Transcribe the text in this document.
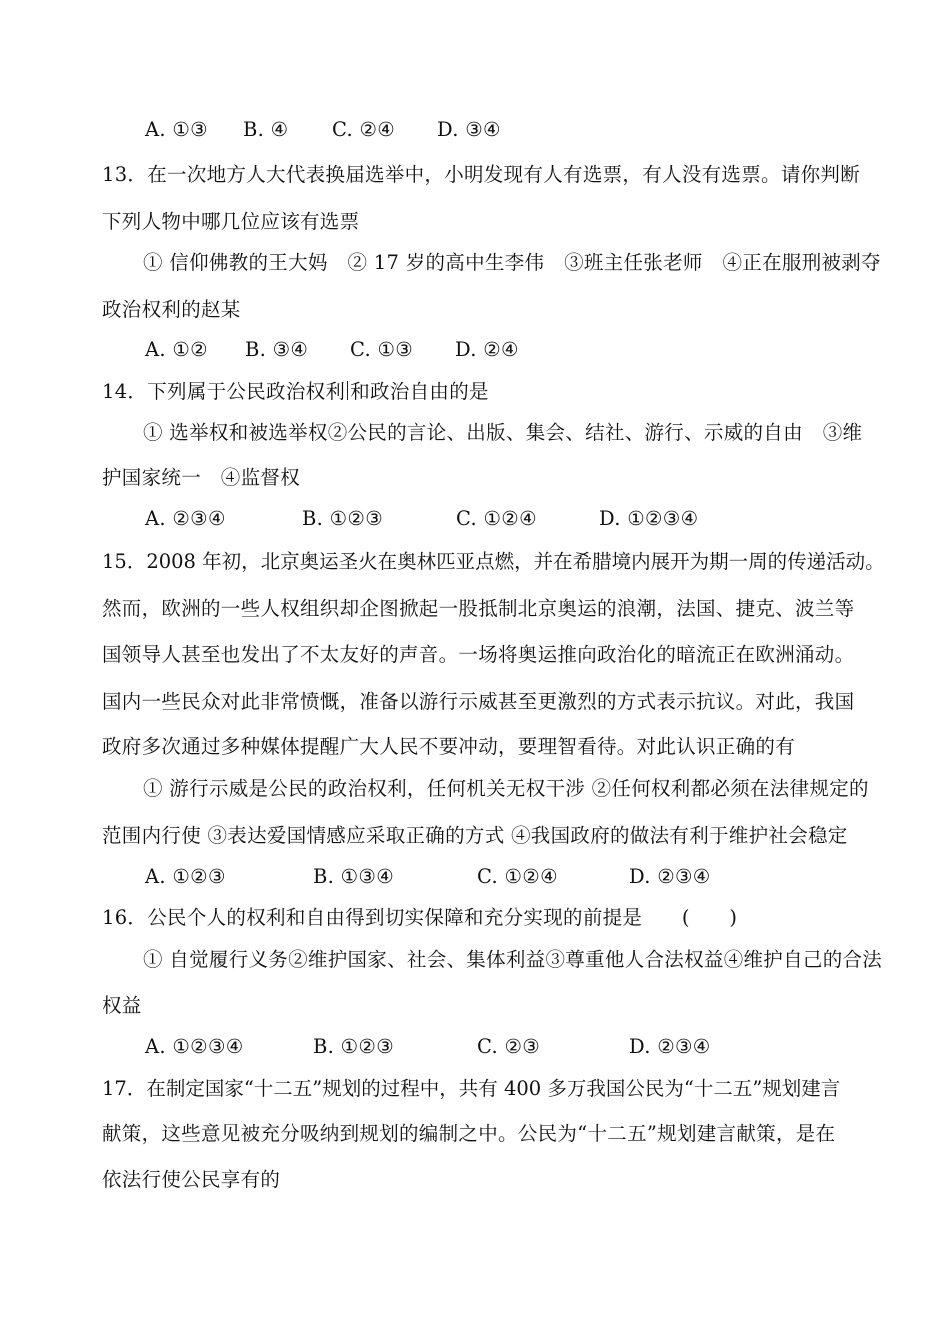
A. ①③ B. ④ C. ②④ D. ③④
13．在一次地方人大代表换届选举中，小明发现有人有选票，有人没有选票。请你判断
下列人物中哪几位应该有选票
① 信仰佛教的王大妈　② 17 岁的高中生李伟　③班主任张老师　④正在服刑被剥夺
政治权利的赵某
A. ①② B. ③④ C. ①③ D. ②④
14．下列属于公民政治权利 和政治自由的是
① 选举权和被选举权②公民的言论、出版、集会、结社、游行、示威的自由　③维
护国家统一　④监督权
A. ②③④	B. ①②③	C. ①②④	D. ①②③④
15．2008 年初，北京奥运圣火在奥林匹亚点燃，并在希腊境内展开为期一周的传递活动。
然而，欧洲的一些人权组织却企图掀起一股抵制北京奥运的浪潮，法国、捷克、波兰等
国领导人甚至也发出了不太友好的声音。一场将奥运推向政治化的暗流正在欧洲涌动。
国内一些民众对此非常愤慨，准备以游行示威甚至更激烈的方式表示抗议。对此，我国
政府多次通过多种媒体提醒广大人民不要冲动，要理智看待。对此认识正确的有
① 游行示威是公民的政治权利，任何机关无权干涉 ②任何权利都必须在法律规定的
范围内行使 ③表达爱国情感应采取正确的方式 ④我国政府的做法有利于维护社会稳定
A. ①②③	B. ①③④	C. ①②④	D. ②③④
16．公民个人的权利和自由得到切实保障和充分实现的前提是　　(　　)
① 自觉履行义务②维护国家、社会、集体利益③尊重他人合法权益④维护自己的合法
权益
A. ①②③④	B. ①②③	C. ②③	D. ②③④
17．在制定国家“十二五”规划的过程中，共有 400 多万我国公民为“十二五”规划建言
献策，这些意见被充分吸纳到规划的编制之中。公民为“十二五”规划建言献策，是在
依法行使公民享有的
